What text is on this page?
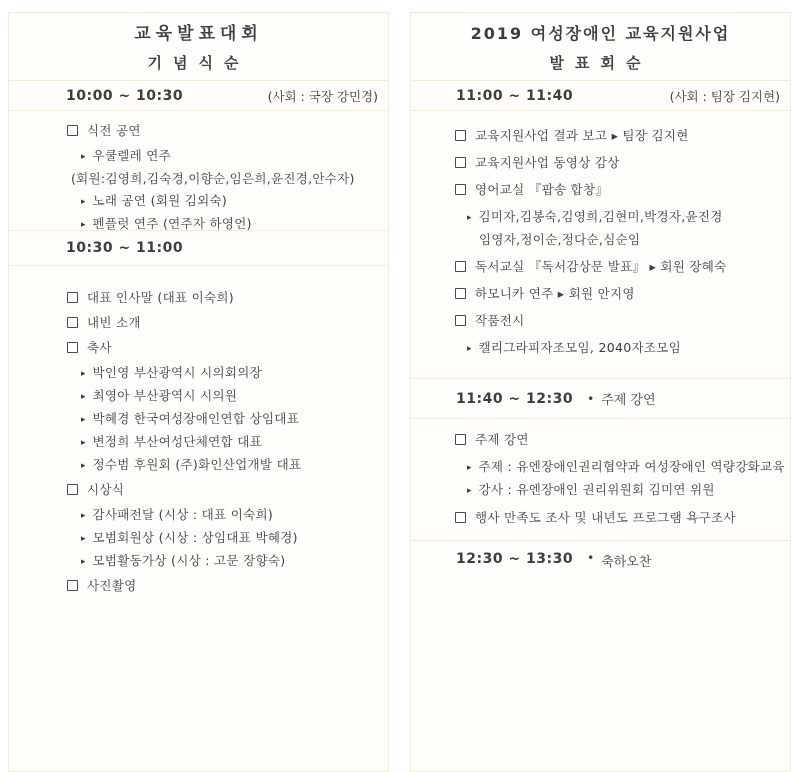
교육발표대회
기념식순
10:00 ~ 10:30	(사회 : 국장 강민경)
식전 공연
▸ 우쿨렐레 연주
(회원:김영희,김숙경,이향순,임은희,윤진경,안수자)
▸ 노래 공연 (회원 김외숙)
▸ 펜플럿 연주 (연주자 하영언)
10:30 ~ 11:00
대표 인사말 (대표 이숙희)
내빈 소개
축사
▸ 박인영 부산광역시 시의회의장
▸ 최영아 부산광역시 시의원
▸ 박혜경 한국여성장애인연합 상임대표
▸ 변정희 부산여성단체연합 대표
▸ 정수범 후원회 (주)화인산업개발 대표
시상식
▸ 감사패전달 (시상 : 대표 이숙희)
▸ 모범회원상 (시상 : 상임대표 박혜경)
▸ 모범활동가상 (시상 : 고문 장향숙)
사진촬영
2019 여성장애인 교육지원사업
발표회순
11:00 ~ 11:40	(사회 : 팀장 김지현)
교육지원사업 결과 보고 ▸ 팀장 김지현
교육지원사업 동영상 감상
영어교실 『팝송 합창』
▸ 김미자,김봉숙,김영희,김현미,박경자,윤진경
임영자,정이순,정다순,심순임
독서교실 『독서감상문 발표』 ▸ 회원 장혜숙
하모니카 연주 ▸ 회원 안지영
작품전시
▸ 캘리그라피자조모임, 2040자조모임
11:40 ~ 12:30 • 주제 강연
주제 강연
▸ 주제 : 유엔장애인권리협약과 여성장애인 역량강화교육
▸ 강사 : 유엔장애인 권리위원회 김미연 위원
행사 만족도 조사 및 내년도 프로그램 욕구조사
12:30 ~ 13:30 • 축하오찬
